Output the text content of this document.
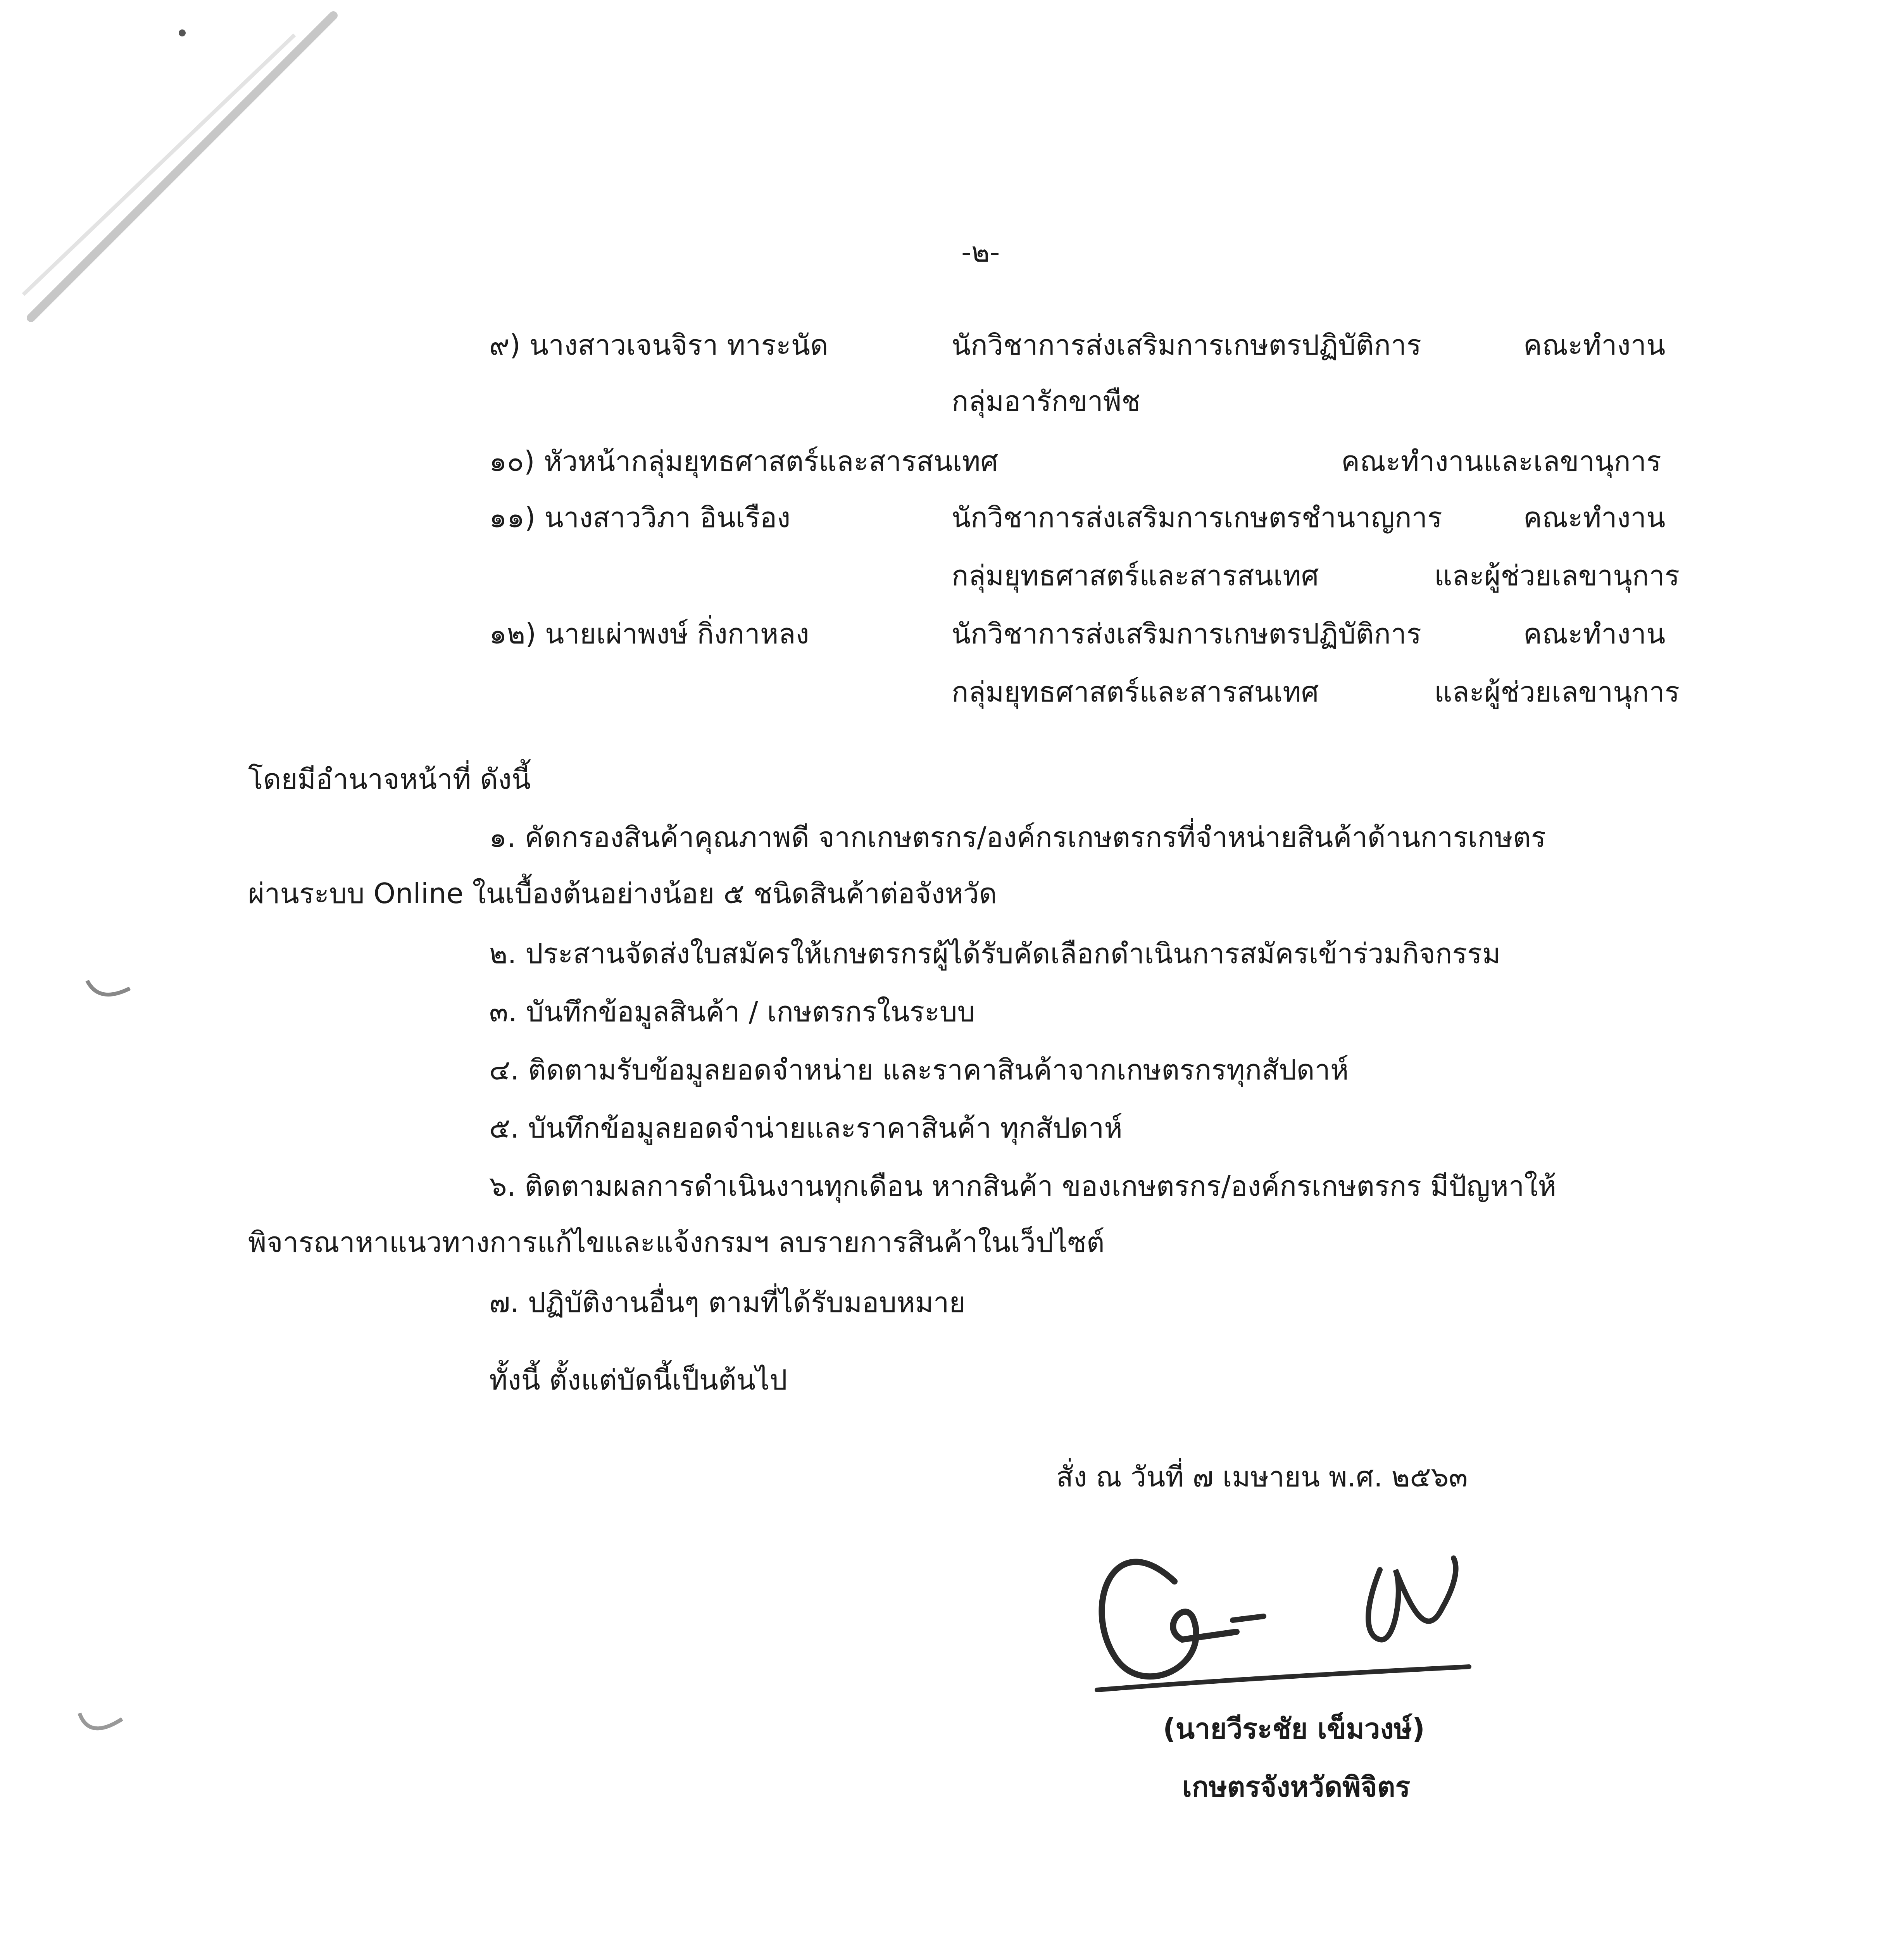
-๒-
๙) นางสาวเจนจิรา ทาระนัด	นักวิชาการส่งเสริมการเกษตรปฏิบัติการ	คณะทำงาน
กลุ่มอารักขาพืช
๑๐) หัวหน้ากลุ่มยุทธศาสตร์และสารสนเทศ	คณะทำงานและเลขานุการ
๑๑) นางสาววิภา อินเรือง	นักวิชาการส่งเสริมการเกษตรชำนาญการ	คณะทำงาน
กลุ่มยุทธศาสตร์และสารสนเทศ	และผู้ช่วยเลขานุการ
๑๒) นายเผ่าพงษ์ กิ่งกาหลง	นักวิชาการส่งเสริมการเกษตรปฏิบัติการ	คณะทำงาน
กลุ่มยุทธศาสตร์และสารสนเทศ	และผู้ช่วยเลขานุการ
โดยมีอำนาจหน้าที่ ดังนี้
๑. คัดกรองสินค้าคุณภาพดี จากเกษตรกร/องค์กรเกษตรกรที่จำหน่ายสินค้าด้านการเกษตร
ผ่านระบบ Online ในเบื้องต้นอย่างน้อย ๕ ชนิดสินค้าต่อจังหวัด
๒. ประสานจัดส่งใบสมัครให้เกษตรกรผู้ได้รับคัดเลือกดำเนินการสมัครเข้าร่วมกิจกรรม
๓. บันทึกข้อมูลสินค้า / เกษตรกรในระบบ
๔. ติดตามรับข้อมูลยอดจำหน่าย และราคาสินค้าจากเกษตรกรทุกสัปดาห์
๕. บันทึกข้อมูลยอดจำน่ายและราคาสินค้า ทุกสัปดาห์
๖. ติดตามผลการดำเนินงานทุกเดือน หากสินค้า ของเกษตรกร/องค์กรเกษตรกร มีปัญหาให้
พิจารณาหาแนวทางการแก้ไขและแจ้งกรมฯ ลบรายการสินค้าในเว็ปไซต์
๗. ปฏิบัติงานอื่นๆ ตามที่ได้รับมอบหมาย
ทั้งนี้ ตั้งแต่บัดนี้เป็นต้นไป
สั่ง ณ วันที่ ๗ เมษายน พ.ศ. ๒๕๖๓
(นายวีระชัย เข็มวงษ์)
เกษตรจังหวัดพิจิตร
